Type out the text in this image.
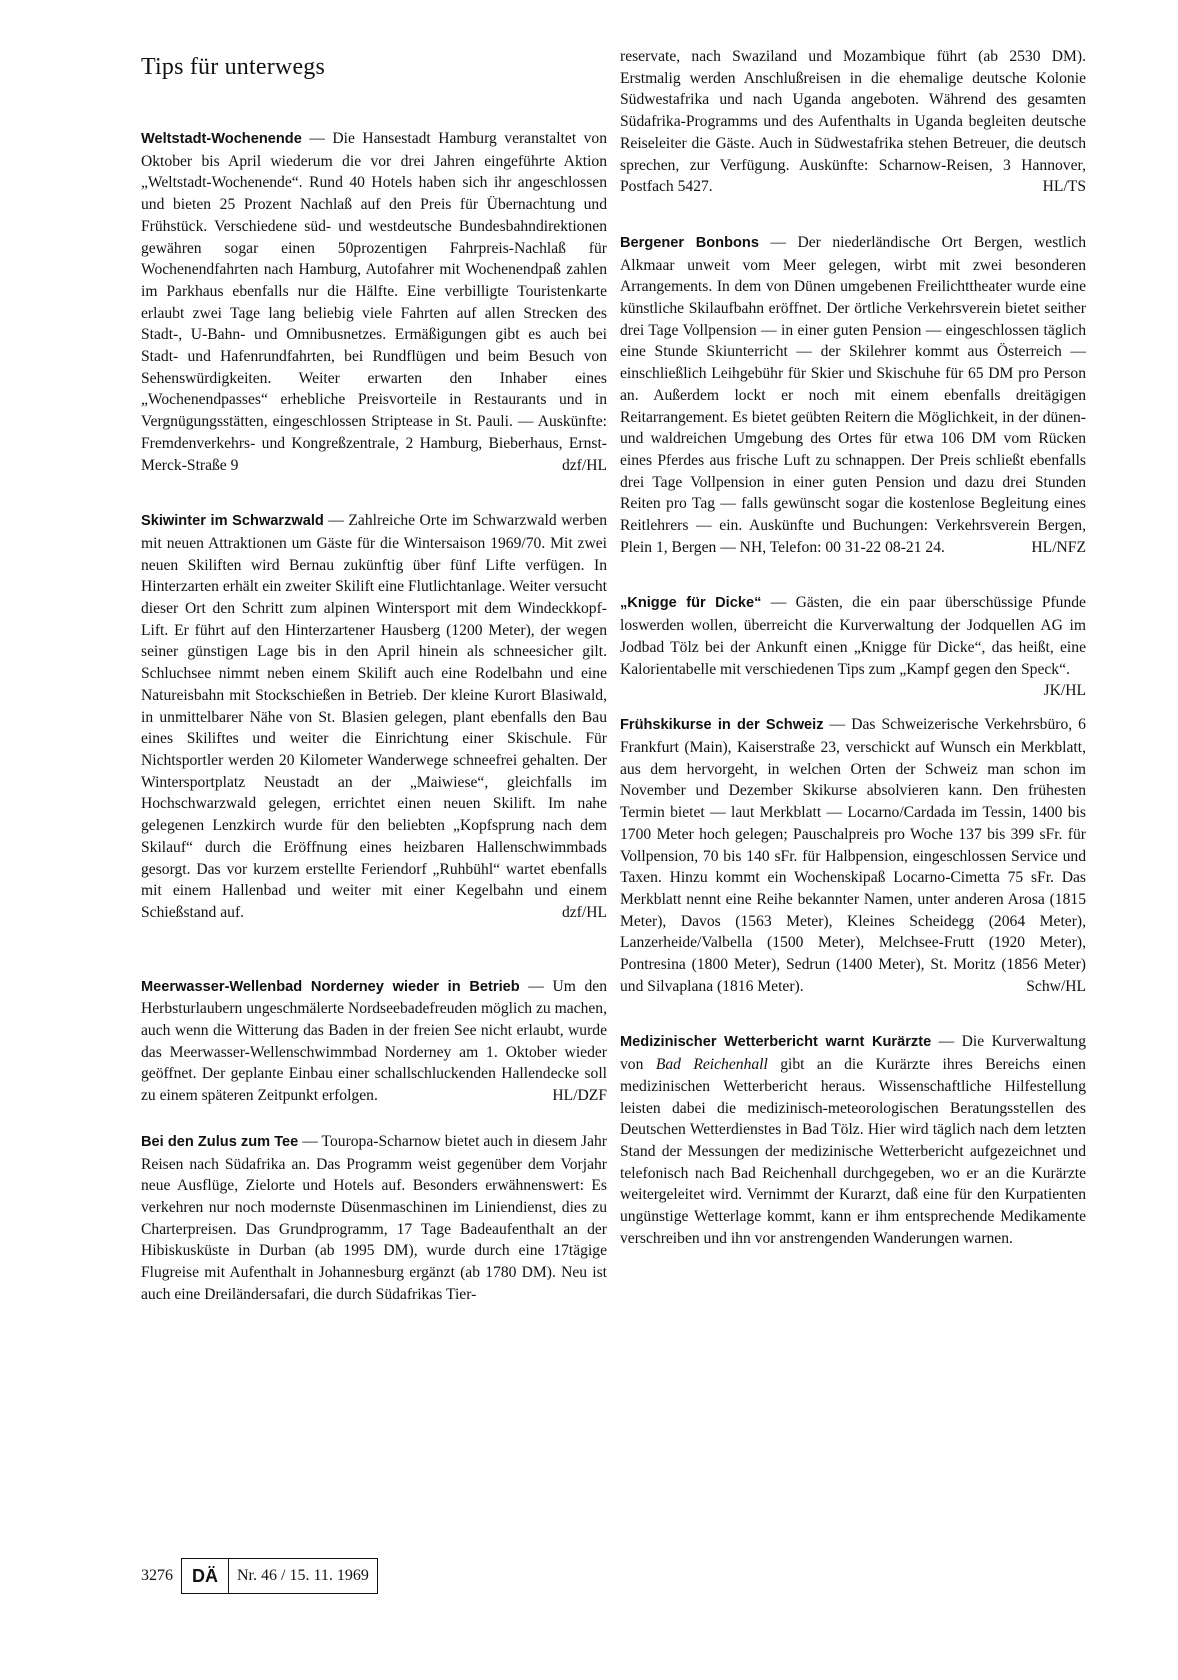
Tips für unterwegs

Weltstadt-Wochenende — Die Hansestadt Hamburg veranstaltet von Oktober bis April wiederum die vor drei Jahren eingeführte Aktion „Weltstadt-Wochenende“. Rund 40 Hotels haben sich ihr angeschlossen und bieten 25 Prozent Nachlaß auf den Preis für Übernachtung und Frühstück. Verschiedene süd- und westdeutsche Bundesbahndirektionen gewähren sogar einen 50prozentigen Fahrpreis-Nachlaß für Wochenendfahrten nach Hamburg, Autofahrer mit Wochenendpaß zahlen im Parkhaus ebenfalls nur die Hälfte. Eine verbilligte Touristenkarte erlaubt zwei Tage lang beliebig viele Fahrten auf allen Strecken des Stadt-, U-Bahn- und Omnibusnetzes. Ermäßigungen gibt es auch bei Stadt- und Hafenrundfahrten, bei Rundflügen und beim Besuch von Sehenswürdigkeiten. Weiter erwarten den Inhaber eines „Wochenendpasses“ erhebliche Preisvorteile in Restaurants und in Vergnügungsstätten, eingeschlossen Striptease in St. Pauli. — Auskünfte: Fremdenverkehrs- und Kongreßzentrale, 2 Hamburg, Bieberhaus, Ernst-Merck-Straße 9	dzf/HL

Skiwinter im Schwarzwald — Zahlreiche Orte im Schwarzwald werben mit neuen Attraktionen um Gäste für die Wintersaison 1969/70. Mit zwei neuen Skiliften wird Bernau zukünftig über fünf Lifte verfügen. In Hinterzarten erhält ein zweiter Skilift eine Flutlichtanlage. Weiter versucht dieser Ort den Schritt zum alpinen Wintersport mit dem Windeckkopf-Lift. Er führt auf den Hinterzartener Hausberg (1200 Meter), der wegen seiner günstigen Lage bis in den April hinein als schneesicher gilt. Schluchsee nimmt neben einem Skilift auch eine Rodelbahn und eine Natureisbahn mit Stockschießen in Betrieb. Der kleine Kurort Blasiwald, in unmittelbarer Nähe von St. Blasien gelegen, plant ebenfalls den Bau eines Skiliftes und weiter die Einrichtung einer Skischule. Für Nichtsportler werden 20 Kilometer Wanderwege schneefrei gehalten. Der Wintersportplatz Neustadt an der „Maiwiese“, gleichfalls im Hochschwarzwald gelegen, errichtet einen neuen Skilift. Im nahe gelegenen Lenzkirch wurde für den beliebten „Kopfsprung nach dem Skilauf“ durch die Eröffnung eines heizbaren Hallenschwimmbads gesorgt. Das vor kurzem erstellte Feriendorf „Ruhbühl“ wartet ebenfalls mit einem Hallenbad und weiter mit einer Kegelbahn und einem Schießstand auf.	dzf/HL

Meerwasser-Wellenbad Norderney wieder in Betrieb — Um den Herbsturlaubern ungeschmälerte Nordseebadefreuden möglich zu machen, auch wenn die Witterung das Baden in der freien See nicht erlaubt, wurde das Meerwasser-Wellenschwimmbad Norderney am 1. Oktober wieder geöffnet. Der geplante Einbau einer schallschluckenden Hallendecke soll zu einem späteren Zeitpunkt erfolgen.	HL/DZF

Bei den Zulus zum Tee — Touropa-Scharnow bietet auch in diesem Jahr Reisen nach Südafrika an. Das Programm weist gegenüber dem Vorjahr neue Ausflüge, Zielorte und Hotels auf. Besonders erwähnenswert: Es verkehren nur noch modernste Düsenmaschinen im Liniendienst, dies zu Charterpreisen. Das Grundprogramm, 17 Tage Badeaufenthalt an der Hibiskusküste in Durban (ab 1995 DM), wurde durch eine 17tägige Flugreise mit Aufenthalt in Johannesburg ergänzt (ab 1780 DM). Neu ist auch eine Dreiländersafari, die durch Südafrikas Tier-

reservate, nach Swaziland und Mozambique führt (ab 2530 DM). Erstmalig werden Anschlußreisen in die ehemalige deutsche Kolonie Südwestafrika und nach Uganda angeboten. Während des gesamten Südafrika-Programms und des Aufenthalts in Uganda begleiten deutsche Reiseleiter die Gäste. Auch in Südwestafrika stehen Betreuer, die deutsch sprechen, zur Verfügung. Auskünfte: Scharnow-Reisen, 3 Hannover, Postfach 5427.	HL/TS

Bergener Bonbons — Der niederländische Ort Bergen, westlich Alkmaar unweit vom Meer gelegen, wirbt mit zwei besonderen Arrangements. In dem von Dünen umgebenen Freilichttheater wurde eine künstliche Skilaufbahn eröffnet. Der örtliche Verkehrsverein bietet seither drei Tage Vollpension — in einer guten Pension — eingeschlossen täglich eine Stunde Skiunterricht — der Skilehrer kommt aus Österreich — einschließlich Leihgebühr für Skier und Skischuhe für 65 DM pro Person an. Außerdem lockt er noch mit einem ebenfalls dreitägigen Reitarrangement. Es bietet geübten Reitern die Möglichkeit, in der dünen- und waldreichen Umgebung des Ortes für etwa 106 DM vom Rücken eines Pferdes aus frische Luft zu schnappen. Der Preis schließt ebenfalls drei Tage Vollpension in einer guten Pension und dazu drei Stunden Reiten pro Tag — falls gewünscht sogar die kostenlose Begleitung eines Reitlehrers — ein. Auskünfte und Buchungen: Verkehrsverein Bergen, Plein 1, Bergen — NH, Telefon: 00 31-22 08-21 24.	HL/NFZ

„Knigge für Dicke“ — Gästen, die ein paar überschüssige Pfunde loswerden wollen, überreicht die Kurverwaltung der Jodquellen AG im Jodbad Tölz bei der Ankunft einen „Knigge für Dicke“, das heißt, eine Kalorientabelle mit verschiedenen Tips zum „Kampf gegen den Speck“.
JK/HL

Frühskikurse in der Schweiz — Das Schweizerische Verkehrsbüro, 6 Frankfurt (Main), Kaiserstraße 23, verschickt auf Wunsch ein Merkblatt, aus dem hervorgeht, in welchen Orten der Schweiz man schon im November und Dezember Skikurse absolvieren kann. Den frühesten Termin bietet — laut Merkblatt — Locarno/Cardada im Tessin, 1400 bis 1700 Meter hoch gelegen; Pauschalpreis pro Woche 137 bis 399 sFr. für Vollpension, 70 bis 140 sFr. für Halbpension, eingeschlossen Service und Taxen. Hinzu kommt ein Wochenskipaß Locarno-Cimetta 75 sFr. Das Merkblatt nennt eine Reihe bekannter Namen, unter anderen Arosa (1815 Meter), Davos (1563 Meter), Kleines Scheidegg (2064 Meter), Lanzerheide/Valbella (1500 Meter), Melchsee-Frutt (1920 Meter), Pontresina (1800 Meter), Sedrun (1400 Meter), St. Moritz (1856 Meter) und Silvaplana (1816 Meter).	Schw/HL

Medizinischer Wetterbericht warnt Kurärzte — Die Kurverwaltung von Bad Reichenhall gibt an die Kurärzte ihres Bereichs einen medizinischen Wetterbericht heraus. Wissenschaftliche Hilfestellung leisten dabei die medizinisch-meteorologischen Beratungsstellen des Deutschen Wetterdienstes in Bad Tölz. Hier wird täglich nach dem letzten Stand der Messungen der medizinische Wetterbericht aufgezeichnet und telefonisch nach Bad Reichenhall durchgegeben, wo er an die Kurärzte weitergeleitet wird. Vernimmt der Kurarzt, daß eine für den Kurpatienten ungünstige Wetterlage kommt, kann er ihm entsprechende Medikamente verschreiben und ihn vor anstrengenden Wanderungen warnen.

3276	DÄ	Nr. 46 / 15. 11. 1969
